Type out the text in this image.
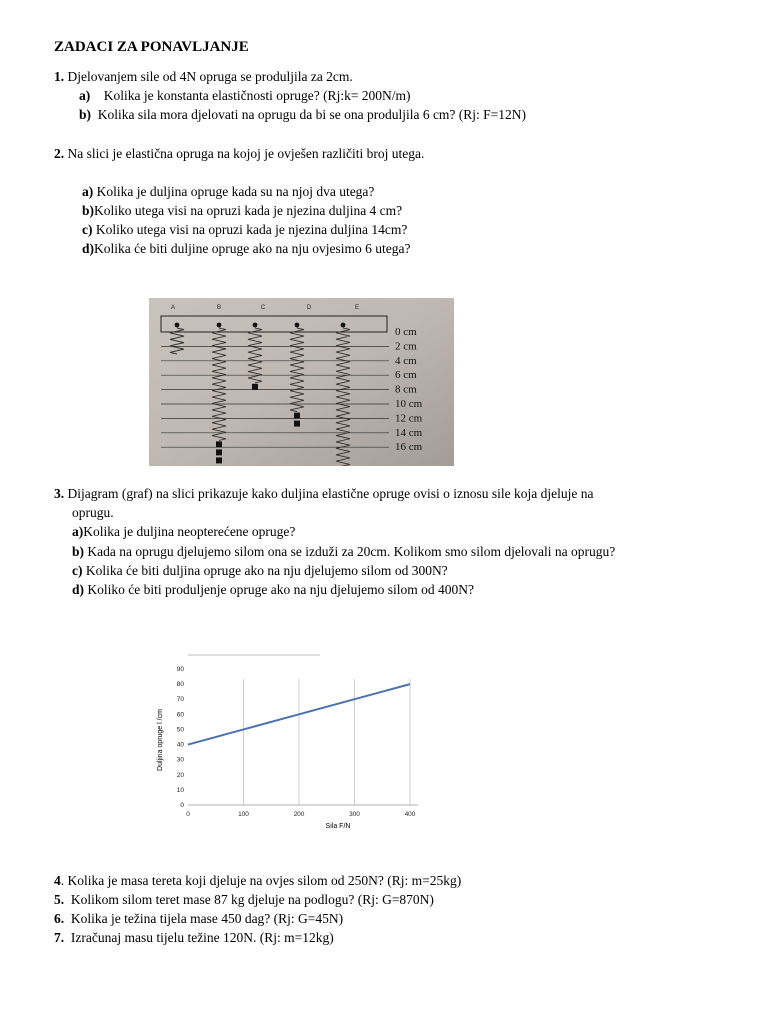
ZADACI ZA PONAVLJANJE
1. Djelovanjem sile od 4N opruga se produljila za 2cm.
a) Kolika je konstanta elastičnosti opruge? (Rj:k= 200N/m)
b) Kolika sila mora djelovati na oprugu da bi se ona produljila 6 cm? (Rj: F=12N)
2. Na slici je elastična opruga na kojoj je ovješen različiti broj utega.
a) Kolika je duljina opruge kada su na njoj dva utega?
b)Koliko utega visi na opruzi kada je njezina duljina 4 cm?
c) Koliko utega visi na opruzi kada je njezina duljina 14cm?
d)Kolika će biti duljine opruge ako na nju ovjesimo 6 utega?
A	B	C	D	E
0 cm
2 cm
4 cm
6 cm
8 cm
10 cm
12 cm
14 cm
16 cm
3. Dijagram (graf) na slici prikazuje kako duljina elastične opruge ovisi o iznosu sile koja djeluje na
oprugu.
a)Kolika je duljina neopterećene opruge?
b) Kada na oprugu djelujemo silom ona se izduži za 20cm. Kolikom smo silom djelovali na oprugu?
c) Kolika će biti duljina opruge ako na nju djelujemo silom od 300N?
d) Koliko će biti produljenje opruge ako na nju djelujemo silom od 400N?
0
10
20
30
40
50
60
70
80
90
0	100	200	300	400
Sila F/N
Duljina opruge l /cm
4. Kolika je masa tereta koji djeluje na ovjes silom od 250N? (Rj: m=25kg)
5. Kolikom silom teret mase 87 kg djeluje na podlogu? (Rj: G=870N)
6. Kolika je težina tijela mase 450 dag? (Rj: G=45N)
7. Izračunaj masu tijelu težine 120N. (Rj: m=12kg)
